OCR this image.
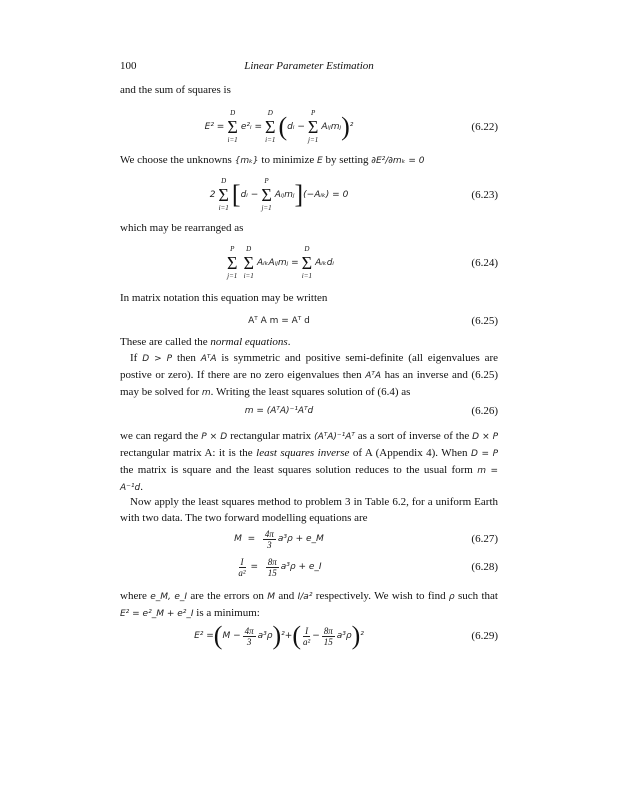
100	Linear Parameter Estimation
and the sum of squares is
E² =
D
Σ
i=1
e²ᵢ =
D
Σ
i=1 ( dᵢ −
P
Σ
j=1
Aᵢⱼmⱼ ) ²	(6.22)
We choose the unknowns {mₖ} to minimize E by setting ∂E²/∂mₖ = 0
2
D
Σ
i=1 [ dᵢ −
P
Σ
j=1
Aᵢⱼmⱼ ] (−Aᵢₖ) = 0	(6.23)
which may be rearranged as
P
Σ
j=1
D
Σ
i=1
AᵢₖAᵢⱼmⱼ =
D
Σ
i=1
Aᵢₖdᵢ	(6.24)
In matrix notation this equation may be written
Aᵀ A m = Aᵀ d	(6.25)
These are called the normal equations.
If D > P then AᵀA is symmetric and positive semi-definite (all eigenvalues are postive or zero). If there are no zero eigenvalues then AᵀA has an inverse and (6.25) may be solved for m. Writing the least squares solution of (6.4) as
m = (AᵀA)⁻¹Aᵀd	(6.26)
we can regard the P × D rectangular matrix (AᵀA)⁻¹Aᵀ as a sort of inverse of the D × P rectangular matrix A: it is the least squares inverse of A (Appendix 4). When D = P the matrix is square and the least squares solution reduces to the usual form m = A⁻¹d.
Now apply the least squares method to problem 3 in Table 6.2, for a uniform Earth with two data. The two forward modelling equations are
$M = \frac{4\pi}{3} a^3\rho$ + e_M	(6.27)
$\frac{I}{\text{a²}} = \frac{8\pi}{15} a^3\rho$ + e_I	(6.28)
where e_M, e_I are the errors on M and I/a² respectively. We wish to find ρ such that E² = e²_M + e²_I is a minimum:
E² = ( $M - \frac{4\pi}{3} a^3\rho$ ) ² + ( $\frac{I}{\text{a²}} - \frac{8\pi}{15} a^3\rho$ ) ²	(6.29)
